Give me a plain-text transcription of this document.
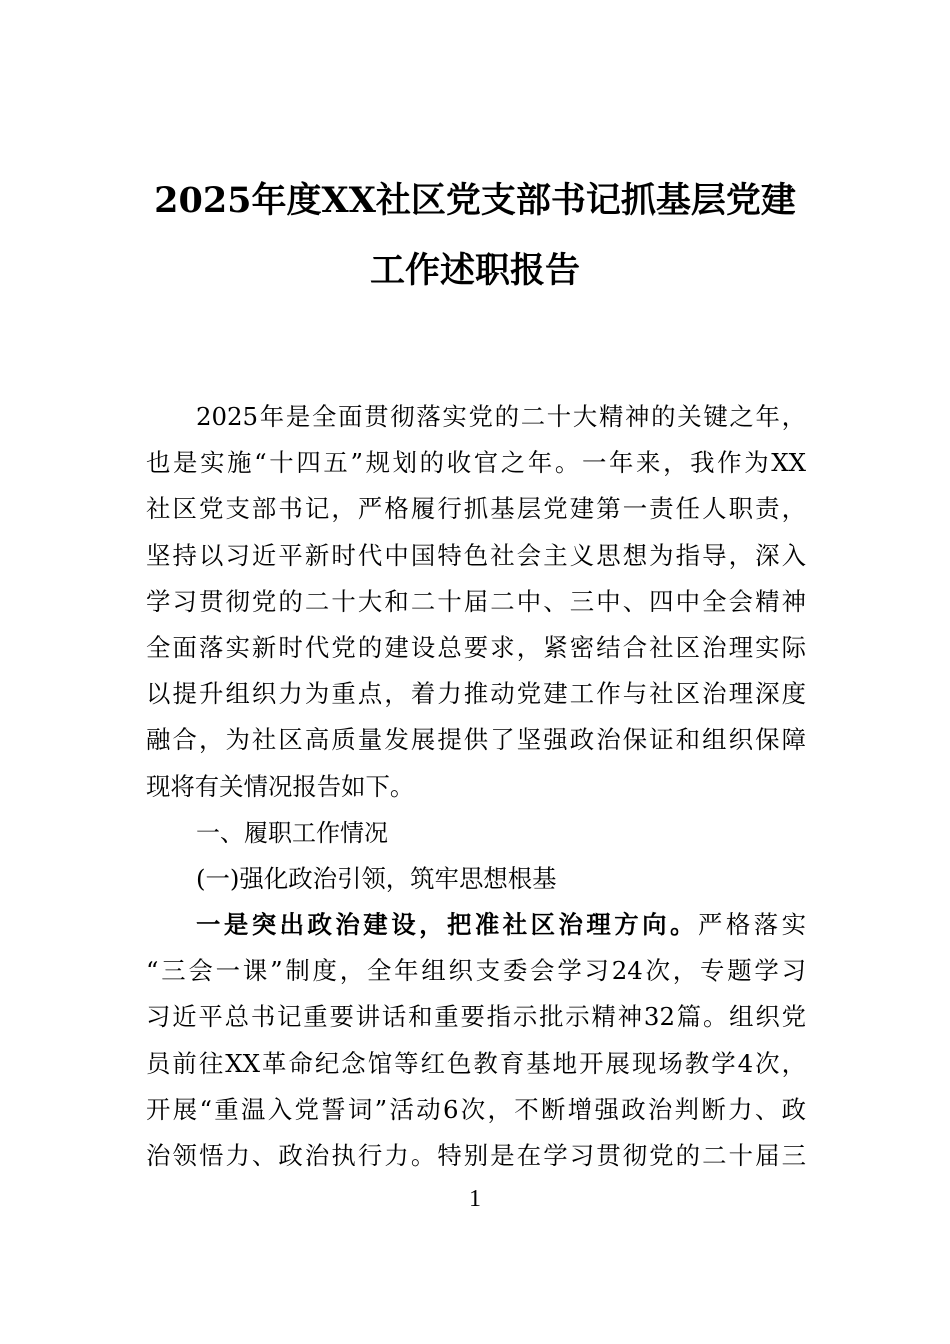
2025年度XX社区党支部书记抓基层党建
工作述职报告
2025年是全面贯彻落实党的二十大精神的关键之年，
也是实施“十四五”规划的收官之年。一年来，我作为XX
社区党支部书记，严格履行抓基层党建第一责任人职责，
坚持以习近平新时代中国特色社会主义思想为指导，深入
学习贯彻党的二十大和二十届二中、三中、四中全会精神
全面落实新时代党的建设总要求，紧密结合社区治理实际
以提升组织力为重点，着力推动党建工作与社区治理深度
融合，为社区高质量发展提供了坚强政治保证和组织保障
现将有关情况报告如下。
一、履职工作情况
(一)强化政治引领，筑牢思想根基
一是突出政治建设，把准社区治理方向。严格落实
“三会一课”制度，全年组织支委会学习24次，专题学习
习近平总书记重要讲话和重要指示批示精神32篇。组织党
员前往XX革命纪念馆等红色教育基地开展现场教学4次，
开展“重温入党誓词”活动6次，不断增强政治判断力、政
治领悟力、政治执行力。特别是在学习贯彻党的二十届三
1
